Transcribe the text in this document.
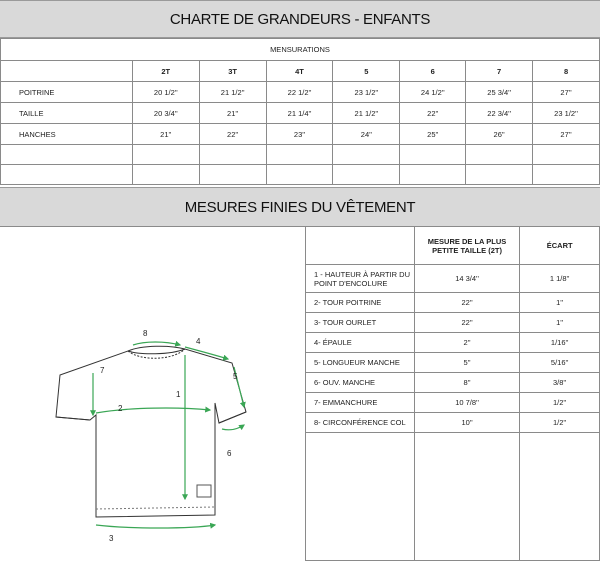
CHARTE DE GRANDEURS - ENFANTS
MENSURATIONS							
	2T	3T	4T	5	6	7	8
POITRINE	20 1/2''	21 1/2''	22 1/2''	23 1/2''	24 1/2''	25 3/4''	27''
TAILLE	20 3/4''	21''	21 1/4''	21 1/2''	22''	22 3/4''	23 1/2''
HANCHES	21''	22''	23''	24''	25''	26''	27''

MESURES FINIES DU VÊTEMENT
1
2
3
4
5
6
7
8
	MESURE DE LA PLUS PETITE TAILLE (2T)	ÉCART
1 - HAUTEUR À PARTIR DU POINT D'ENCOLURE	14 3/4''	1 1/8''
2- TOUR POITRINE	22''	1''
3- TOUR OURLET	22''	1''
4- ÉPAULE	2''	1/16''
5- LONGUEUR MANCHE	5''	5/16''
6- OUV. MANCHE	8''	3/8''
7- EMMANCHURE	10 7/8''	1/2''
8- CIRCONFÉRENCE COL	10''	1/2''
